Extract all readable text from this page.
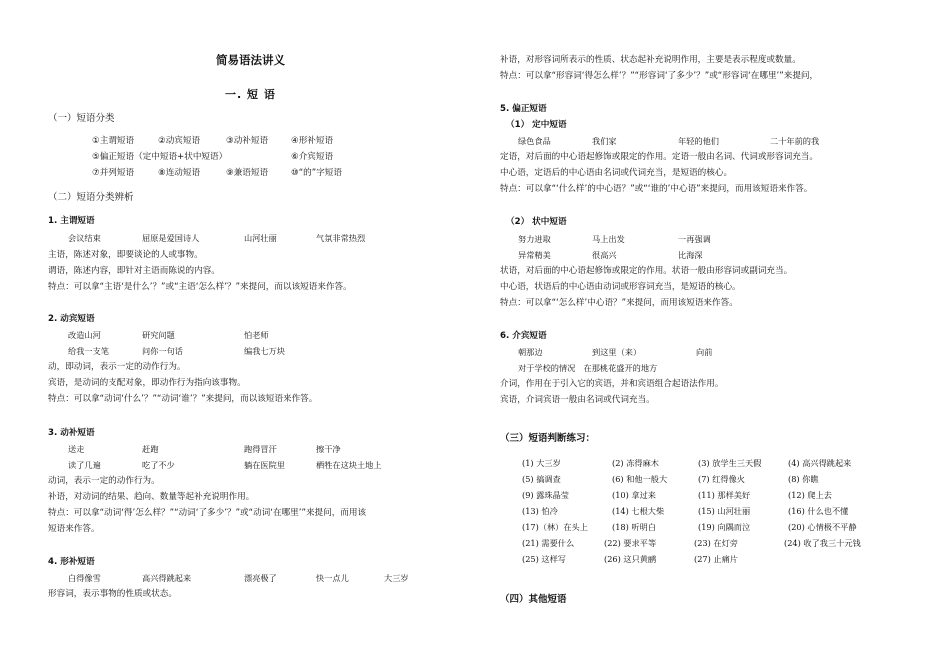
简易语法讲义
一. 短 语
（一）短语分类
①主谓短语	②动宾短语	③动补短语	④形补短语
⑤偏正短语（定中短语+状中短语）	⑥介宾短语
⑦并列短语	⑧连动短语	⑨兼语短语	⑩“的”字短语
（二）短语分类辨析
1. 主谓短语
会议结束	屈原是爱国诗人	山河壮丽	气氛非常热烈
主语，陈述对象，即要谈论的人或事物。
谓语，陈述内容，即针对主语而陈说的内容。
特点：可以拿“主语‘是什么’？”或“主语‘怎么样’？”来提问，而以该短语来作答。
2. 动宾短语
改造山河	研究问题	怕老师
给我一支笔	问你一句话	编我七万块
动，即动词，表示一定的动作行为。
宾语，是动词的支配对象，即动作行为指向该事物。
特点：可以拿“动词‘什么’？”“动词‘谁’？”来提问，而以该短语来作答。
3. 动补短语
送走	赶跑	跑得冒汗	擦干净
读了几遍	吃了不少	躺在医院里	栖牲在这块土地上
动词，表示一定的动作行为。
补语，对动词的结果、趋向、数量等起补充说明作用。
特点：可以拿“动词‘得’怎么样？”“动词‘了多少’？”或“动词‘在哪里’”来提问，而用该
短语来作答。
4. 形补短语
白得像雪	高兴得跳起来	漂亮极了	快一点儿	大三岁
形容词，表示事物的性质或状态。
补语，对形容词所表示的性质、状态起补充说明作用，主要是表示程度或数量。
特点：可以拿“形容词‘得怎么样’？”“形容词‘了多少’？”或“形容词‘在哪里’”来提问，
5. 偏正短语
（1） 定中短语
绿色食品	我们家	年轻的他们	二十年前的我
定语，对后面的中心语起修饰或限定的作用。定语一般由名词、代词或形容词充当。
中心语，定语后的中心语由名词或代词充当，是短语的核心。
特点：可以拿“‘什么样’的中心语？”或“‘谁的’中心语”来提问，而用该短语来作答。
（2） 状中短语
努力进取	马上出发	一再强调
异常精美	很高兴	比海深
状语，对后面的中心语起修饰或限定的作用。状语一般由形容词或副词充当。
中心语，状语后的中心语由动词或形容词充当，是短语的核心。
特点：可以拿“‘怎么样’中心语？”来提问，而用该短语来作答。
6. 介宾短语
朝那边	到这里（来）	向前
对于学校的情况　在那桃花盛开的地方
介词，作用在于引入它的宾语，并和宾语组合起语法作用。
宾语，介词宾语一般由名词或代词充当。
（三）短语判断练习：
(1) 大三岁	(2) 冻得麻木	(3) 放学生三天假	(4) 高兴得跳起来
(5) 搞调查	(6) 和他一般大	(7) 红得像火	(8) 你瞧
(9) 露珠晶莹	(10) 拿过来	(11) 那样美好	(12) 爬上去
(13) 怕冷	(14) 七根大柴	(15) 山河壮丽	(16) 什么也不懂
(17)（林）在头上	(18) 听明白	(19) 向隅而泣	(20) 心情极不平静
(21) 需要什么	(22) 要求平等	(23) 在灯旁	(24) 收了我三十元钱
(25) 这样写	(26) 这只黄鹂	(27) 止痛片
（四）其他短语
